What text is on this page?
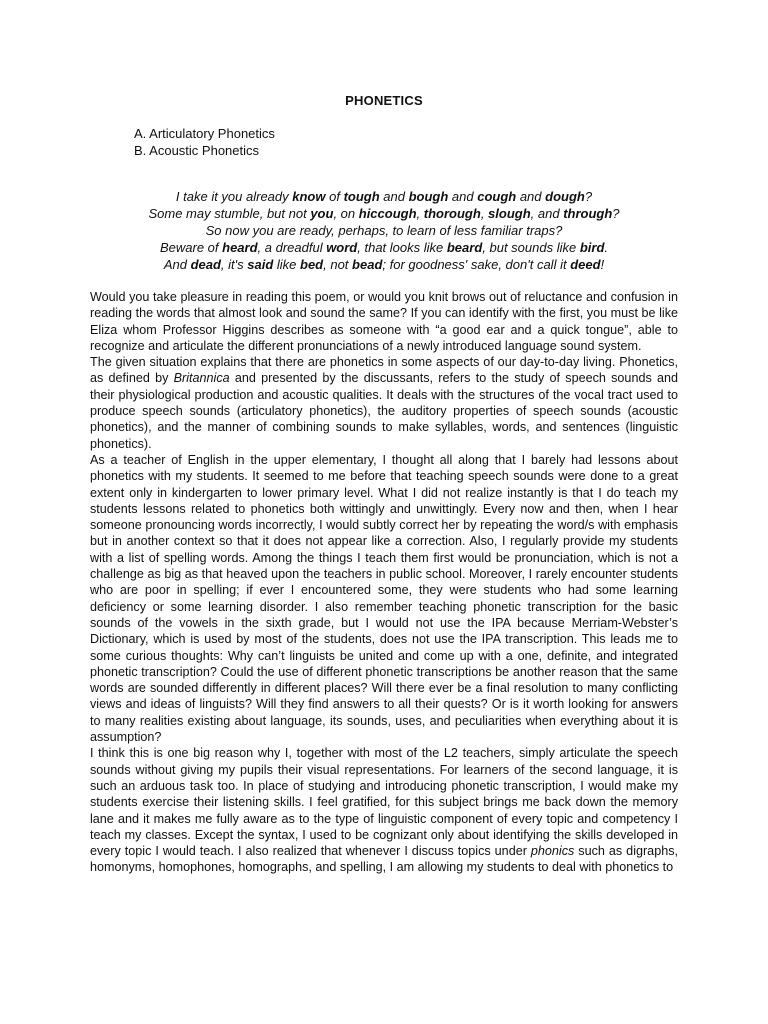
PHONETICS
A. Articulatory Phonetics
B. Acoustic Phonetics
I take it you already know of tough and bough and cough and dough?
Some may stumble, but not you, on hiccough, thorough, slough, and through?
So now you are ready, perhaps, to learn of less familiar traps?
Beware of heard, a dreadful word, that looks like beard, but sounds like bird.
And dead, it's said like bed, not bead; for goodness' sake, don't call it deed!

Would you take pleasure in reading this poem, or would you knit brows out of reluctance and confusion in reading the words that almost look and sound the same? If you can identify with the first, you must be like Eliza whom Professor Higgins describes as someone with “a good ear and a quick tongue”, able to recognize and articulate the different pronunciations of a newly introduced language sound system.

The given situation explains that there are phonetics in some aspects of our day-to-day living. Phonetics, as defined by Britannica and presented by the discussants, refers to the study of speech sounds and their physiological production and acoustic qualities. It deals with the structures of the vocal tract used to produce speech sounds (articulatory phonetics), the auditory properties of speech sounds (acoustic phonetics), and the manner of combining sounds to make syllables, words, and sentences (linguistic phonetics).

As a teacher of English in the upper elementary, I thought all along that I barely had lessons about phonetics with my students. It seemed to me before that teaching speech sounds were done to a great extent only in kindergarten to lower primary level. What I did not realize instantly is that I do teach my students lessons related to phonetics both wittingly and unwittingly. Every now and then, when I hear someone pronouncing words incorrectly, I would subtly correct her by repeating the word/s with emphasis but in another context so that it does not appear like a correction. Also, I regularly provide my students with a list of spelling words. Among the things I teach them first would be pronunciation, which is not a challenge as big as that heaved upon the teachers in public school. Moreover, I rarely encounter students who are poor in spelling; if ever I encountered some, they were students who had some learning deficiency or some learning disorder. I also remember teaching phonetic transcription for the basic sounds of the vowels in the sixth grade, but I would not use the IPA because Merriam-Webster’s Dictionary, which is used by most of the students, does not use the IPA transcription. This leads me to some curious thoughts: Why can’t linguists be united and come up with a one, definite, and integrated phonetic transcription? Could the use of different phonetic transcriptions be another reason that the same words are sounded differently in different places? Will there ever be a final resolution to many conflicting views and ideas of linguists? Will they find answers to all their quests? Or is it worth looking for answers to many realities existing about language, its sounds, uses, and peculiarities when everything about it is assumption?

I think this is one big reason why I, together with most of the L2 teachers, simply articulate the speech sounds without giving my pupils their visual representations. For learners of the second language, it is such an arduous task too. In place of studying and introducing phonetic transcription, I would make my students exercise their listening skills. I feel gratified, for this subject brings me back down the memory lane and it makes me fully aware as to the type of linguistic component of every topic and competency I teach my classes. Except the syntax, I used to be cognizant only about identifying the skills developed in every topic I would teach. I also realized that whenever I discuss topics under phonics such as digraphs, homonyms, homophones, homographs, and spelling, I am allowing my students to deal with phonetics to
